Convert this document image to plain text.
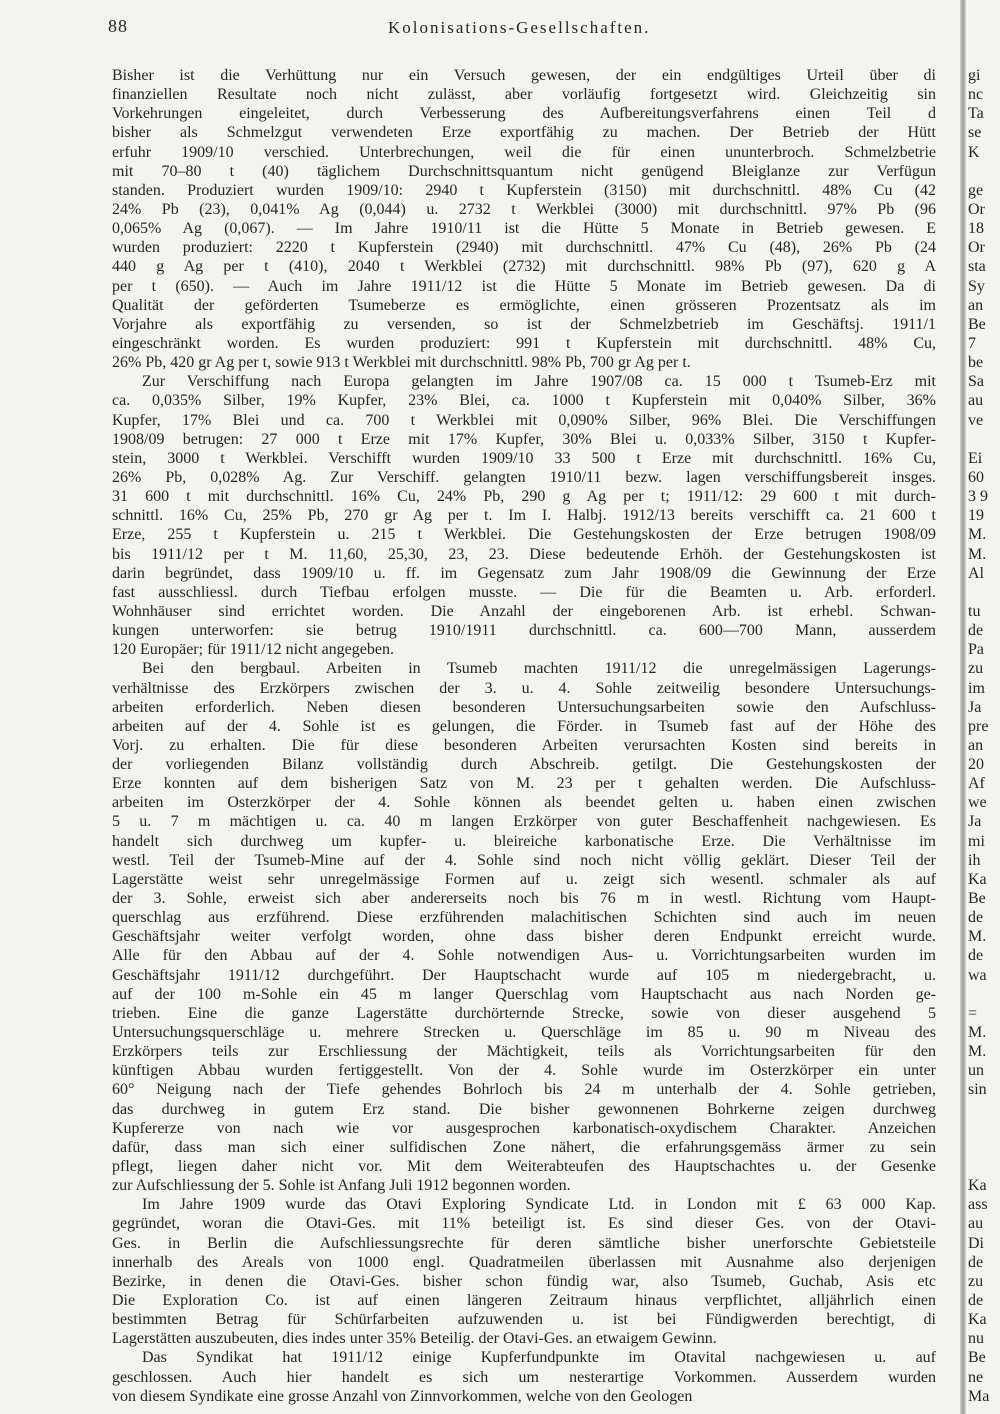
88	Kolonisations-Gesellschaften.
Bisher ist die Verhüttung nur ein Versuch gewesen, der ein endgültiges Urteil über di
finanziellen Resultate noch nicht zulässt, aber vorläufig fortgesetzt wird. Gleichzeitig sin
Vorkehrungen eingeleitet, durch Verbesserung des Aufbereitungsverfahrens einen Teil d
bisher als Schmelzgut verwendeten Erze exportfähig zu machen. Der Betrieb der Hütt
erfuhr 1909/10 verschied. Unterbrechungen, weil die für einen ununterbroch. Schmelzbetrie
mit 70–80 t (40) täglichem Durchschnittsquantum nicht genügend Bleiglanze zur Verfügun
standen. Produziert wurden 1909/10: 2940 t Kupferstein (3150) mit durchschnittl. 48% Cu (42
24% Pb (23), 0,041% Ag (0,044) u. 2732 t Werkblei (3000) mit durchschnittl. 97% Pb (96
0,065% Ag (0,067). — Im Jahre 1910/11 ist die Hütte 5 Monate in Betrieb gewesen. E
wurden produziert: 2220 t Kupferstein (2940) mit durchschnittl. 47% Cu (48), 26% Pb (24
440 g Ag per t (410), 2040 t Werkblei (2732) mit durchschnittl. 98% Pb (97), 620 g A
per t (650). — Auch im Jahre 1911/12 ist die Hütte 5 Monate im Betrieb gewesen. Da di
Qualität der geförderten Tsumeberze es ermöglichte, einen grösseren Prozentsatz als im
Vorjahre als exportfähig zu versenden, so ist der Schmelzbetrieb im Geschäftsj. 1911/1
eingeschränkt worden. Es wurden produziert: 991 t Kupferstein mit durchschnittl. 48% Cu,
26% Pb, 420 gr Ag per t, sowie 913 t Werkblei mit durchschnittl. 98% Pb, 700 gr Ag per t.
Zur Verschiffung nach Europa gelangten im Jahre 1907/08 ca. 15 000 t Tsumeb-Erz mit
ca. 0,035% Silber, 19% Kupfer, 23% Blei, ca. 1000 t Kupferstein mit 0,040% Silber, 36%
Kupfer, 17% Blei und ca. 700 t Werkblei mit 0,090% Silber, 96% Blei. Die Verschiffungen
1908/09 betrugen: 27 000 t Erze mit 17% Kupfer, 30% Blei u. 0,033% Silber, 3150 t Kupfer-
stein, 3000 t Werkblei. Verschifft wurden 1909/10 33 500 t Erze mit durchschnittl. 16% Cu,
26% Pb, 0,028% Ag. Zur Verschiff. gelangten 1910/11 bezw. lagen verschiffungsbereit insges.
31 600 t mit durchschnittl. 16% Cu, 24% Pb, 290 g Ag per t; 1911/12: 29 600 t mit durch-
schnittl. 16% Cu, 25% Pb, 270 gr Ag per t. Im I. Halbj. 1912/13 bereits verschifft ca. 21 600 t
Erze, 255 t Kupferstein u. 215 t Werkblei. Die Gestehungskosten der Erze betrugen 1908/09
bis 1911/12 per t M. 11,60, 25,30, 23, 23. Diese bedeutende Erhöh. der Gestehungskosten ist
darin begründet, dass 1909/10 u. ff. im Gegensatz zum Jahr 1908/09 die Gewinnung der Erze
fast ausschliessl. durch Tiefbau erfolgen musste. — Die für die Beamten u. Arb. erforderl.
Wohnhäuser sind errichtet worden. Die Anzahl der eingeborenen Arb. ist erhebl. Schwan-
kungen unterworfen: sie betrug 1910/1911 durchschnittl. ca. 600—700 Mann, ausserdem
120 Europäer; für 1911/12 nicht angegeben.
Bei den bergbaul. Arbeiten in Tsumeb machten 1911/12 die unregelmässigen Lagerungs-
verhältnisse des Erzkörpers zwischen der 3. u. 4. Sohle zeitweilig besondere Untersuchungs-
arbeiten erforderlich. Neben diesen besonderen Untersuchungsarbeiten sowie den Aufschluss-
arbeiten auf der 4. Sohle ist es gelungen, die Förder. in Tsumeb fast auf der Höhe des
Vorj. zu erhalten. Die für diese besonderen Arbeiten verursachten Kosten sind bereits in
der vorliegenden Bilanz vollständig durch Abschreib. getilgt. Die Gestehungskosten der
Erze konnten auf dem bisherigen Satz von M. 23 per t gehalten werden. Die Aufschluss-
arbeiten im Osterzkörper der 4. Sohle können als beendet gelten u. haben einen zwischen
5 u. 7 m mächtigen u. ca. 40 m langen Erzkörper von guter Beschaffenheit nachgewiesen. Es
handelt sich durchweg um kupfer- u. bleireiche karbonatische Erze. Die Verhältnisse im
westl. Teil der Tsumeb-Mine auf der 4. Sohle sind noch nicht völlig geklärt. Dieser Teil der
Lagerstätte weist sehr unregelmässige Formen auf u. zeigt sich wesentl. schmaler als auf
der 3. Sohle, erweist sich aber andererseits noch bis 76 m in westl. Richtung vom Haupt-
querschlag aus erzführend. Diese erzführenden malachitischen Schichten sind auch im neuen
Geschäftsjahr weiter verfolgt worden, ohne dass bisher deren Endpunkt erreicht wurde.
Alle für den Abbau auf der 4. Sohle notwendigen Aus- u. Vorrichtungsarbeiten wurden im
Geschäftsjahr 1911/12 durchgeführt. Der Hauptschacht wurde auf 105 m niedergebracht, u.
auf der 100 m-Sohle ein 45 m langer Querschlag vom Hauptschacht aus nach Norden ge-
trieben. Eine die ganze Lagerstätte durchörternde Strecke, sowie von dieser ausgehend 5
Untersuchungsquerschläge u. mehrere Strecken u. Querschläge im 85 u. 90 m Niveau des
Erzkörpers teils zur Erschliessung der Mächtigkeit, teils als Vorrichtungsarbeiten für den
künftigen Abbau wurden fertiggestellt. Von der 4. Sohle wurde im Osterzkörper ein unter
60° Neigung nach der Tiefe gehendes Bohrloch bis 24 m unterhalb der 4. Sohle getrieben,
das durchweg in gutem Erz stand. Die bisher gewonnenen Bohrkerne zeigen durchweg
Kupfererze von nach wie vor ausgesprochen karbonatisch-oxydischem Charakter. Anzeichen
dafür, dass man sich einer sulfidischen Zone nähert, die erfahrungsgemäss ärmer zu sein
pflegt, liegen daher nicht vor. Mit dem Weiterabteufen des Hauptschachtes u. der Gesenke
zur Aufschliessung der 5. Sohle ist Anfang Juli 1912 begonnen worden.
Im Jahre 1909 wurde das Otavi Exploring Syndicate Ltd. in London mit £ 63 000 Kap.
gegründet, woran die Otavi-Ges. mit 11% beteiligt ist. Es sind dieser Ges. von der Otavi-
Ges. in Berlin die Aufschliessungsrechte für deren sämtliche bisher unerforschte Gebietsteile
innerhalb des Areals von 1000 engl. Quadratmeilen überlassen mit Ausnahme also derjenigen
Bezirke, in denen die Otavi-Ges. bisher schon fündig war, also Tsumeb, Guchab, Asis etc
Die Exploration Co. ist auf einen längeren Zeitraum hinaus verpflichtet, alljährlich einen
bestimmten Betrag für Schürfarbeiten aufzuwenden u. ist bei Fündigwerden berechtigt, di
Lagerstätten auszubeuten, dies indes unter 35% Beteilig. der Otavi-Ges. an etwaigem Gewinn.
Das Syndikat hat 1911/12 einige Kupferfundpunkte im Otavital nachgewiesen u. auf
geschlossen. Auch hier handelt es sich um nesterartige Vorkommen. Ausserdem wurden
von diesem Syndikate eine grosse Anzahl von Zinnvorkommen, welche von den Geologen
gi
nc
Ta
se
K
ge
Or
18
Or
sta
Sy
an
Be
7
be
Sa
au
ve
Ei
60
3 9
19
M.
M.
Al
tu
de
Pa
zu
im
Ja
pre
an
20
Af
we
Ja
mi
ih
Ka
Be
de
M.
de
wa
=
M.
M.
un
sin
Ka
ass
au
Di
de
zu
de
Ka
nu
Be
ne
Ma
